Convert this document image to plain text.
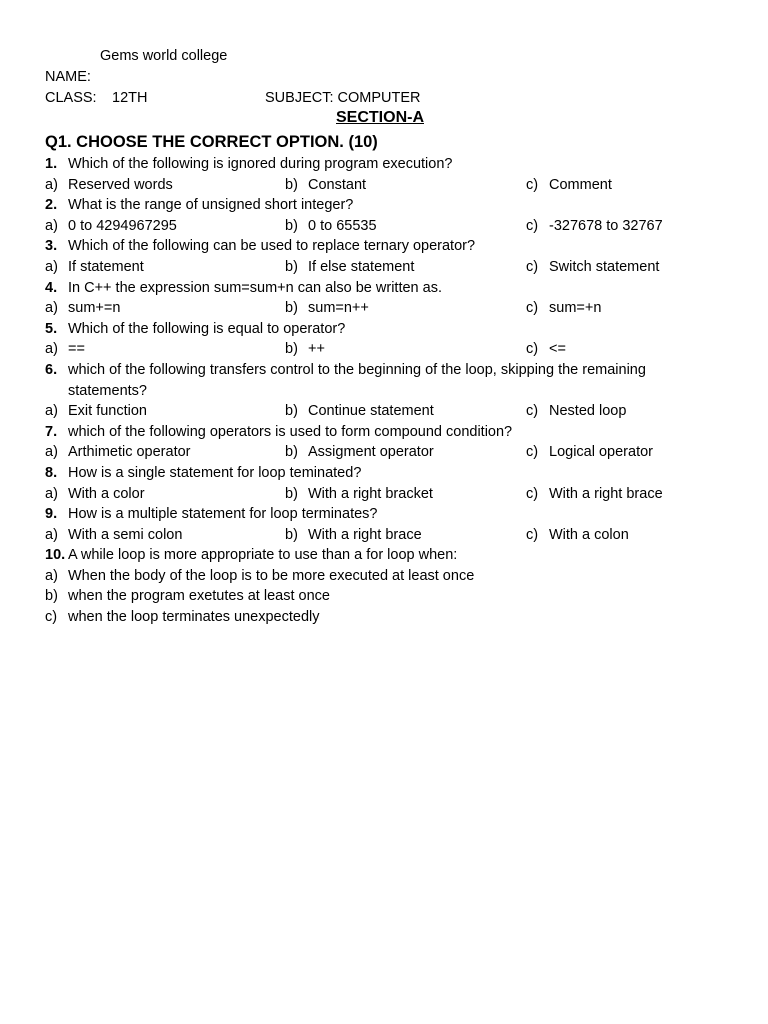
Gems world college
NAME:
CLASS: 12TH	SUBJECT: COMPUTER
SECTION-A
Q1. CHOOSE THE CORRECT OPTION. (10)
1. Which of the following is ignored during program execution?
a) Reserved words	b) Constant	c) Comment
2. What is the range of unsigned short integer?
a) 0 to 4294967295	b) 0 to 65535	c) -327678 to 32767
3. Which of the following can be used to replace ternary operator?
a) If statement	b) If else statement	c) Switch statement
4. In C++ the expression sum=sum+n can also be written as.
a) sum+=n	b) sum=n++	c) sum=+n
5. Which of the following is equal to operator?
a) ==	b) ++	c) <=
6. which of the following transfers control to the beginning of the loop, skipping the remaining statements?
a) Exit function	b) Continue statement	c) Nested loop
7. which of the following operators is used to form compound condition?
a) Arthimetic operator	b) Assigment operator	c) Logical operator
8. How is a single statement for loop teminated?
a) With a color	b) With a right bracket	c) With a right brace
9. How is a multiple statement for loop terminates?
a) With a semi colon	b) With a right brace	c) With a colon
10. A while loop is more appropriate to use than a for loop when:
a) When the body of the loop is to be more executed at least once
b) when the program exetutes at least once
c) when the loop terminates unexpectedly
